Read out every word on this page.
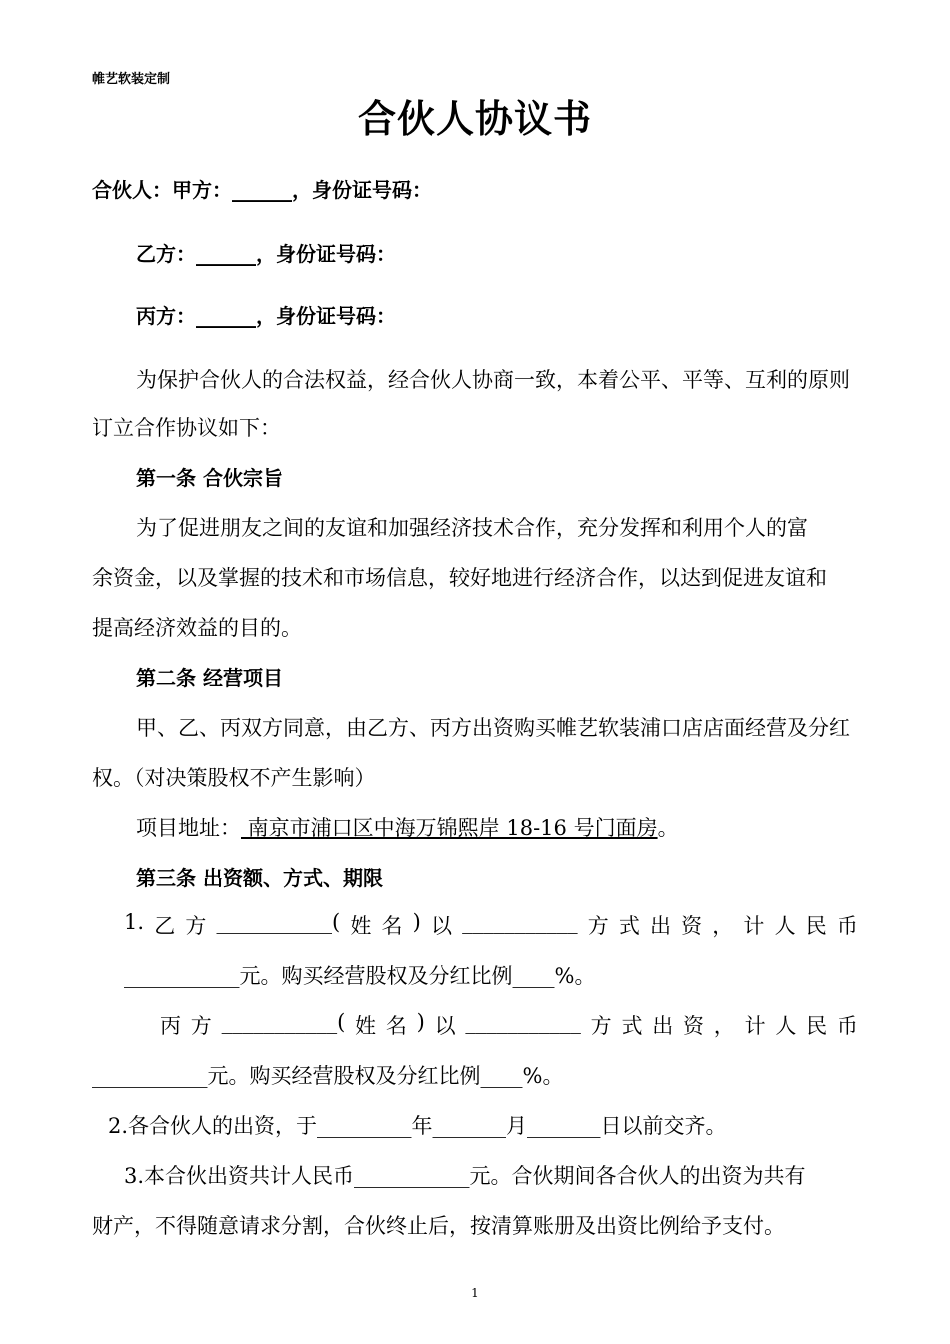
帷艺软装定制
合伙人协议书
合伙人：甲方：______，身份证号码：
乙方：______，身份证号码：
丙方：______，身份证号码：
为保护合伙人的合法权益，经合伙人协商一致，本着公平、平等、互利的原则
订立合作协议如下：
第一条 合伙宗旨
为了促进朋友之间的友谊和加强经济技术合作，充分发挥和利用个人的富
余资金，以及掌握的技术和市场信息，较好地进行经济合作，以达到促进友谊和
提高经济效益的目的。
第二条 经营项目
甲、乙、丙双方同意，由乙方、丙方出资购买帷艺软装浦口店店面经营及分红
权。（对决策股权不产生影响）
项目地址： 南京市浦口区中海万锦熙岸 18-16 号门面房。
第三条 出资额、方式、期限
1. 乙 方 ___________( 姓 名 ) 以 ___________ 方 式 出 资 ， 计 人 民 币
___________元。购买经营股权及分红比例____%。
丙 方 ___________( 姓 名 ) 以 ___________ 方 式 出 资 ， 计 人 民 币
___________元。购买经营股权及分红比例____%。
2.各合伙人的出资，于_________年_______月_______日以前交齐。
3.本合伙出资共计人民币___________元。合伙期间各合伙人的出资为共有
财产，不得随意请求分割，合伙终止后，按清算账册及出资比例给予支付。
1
